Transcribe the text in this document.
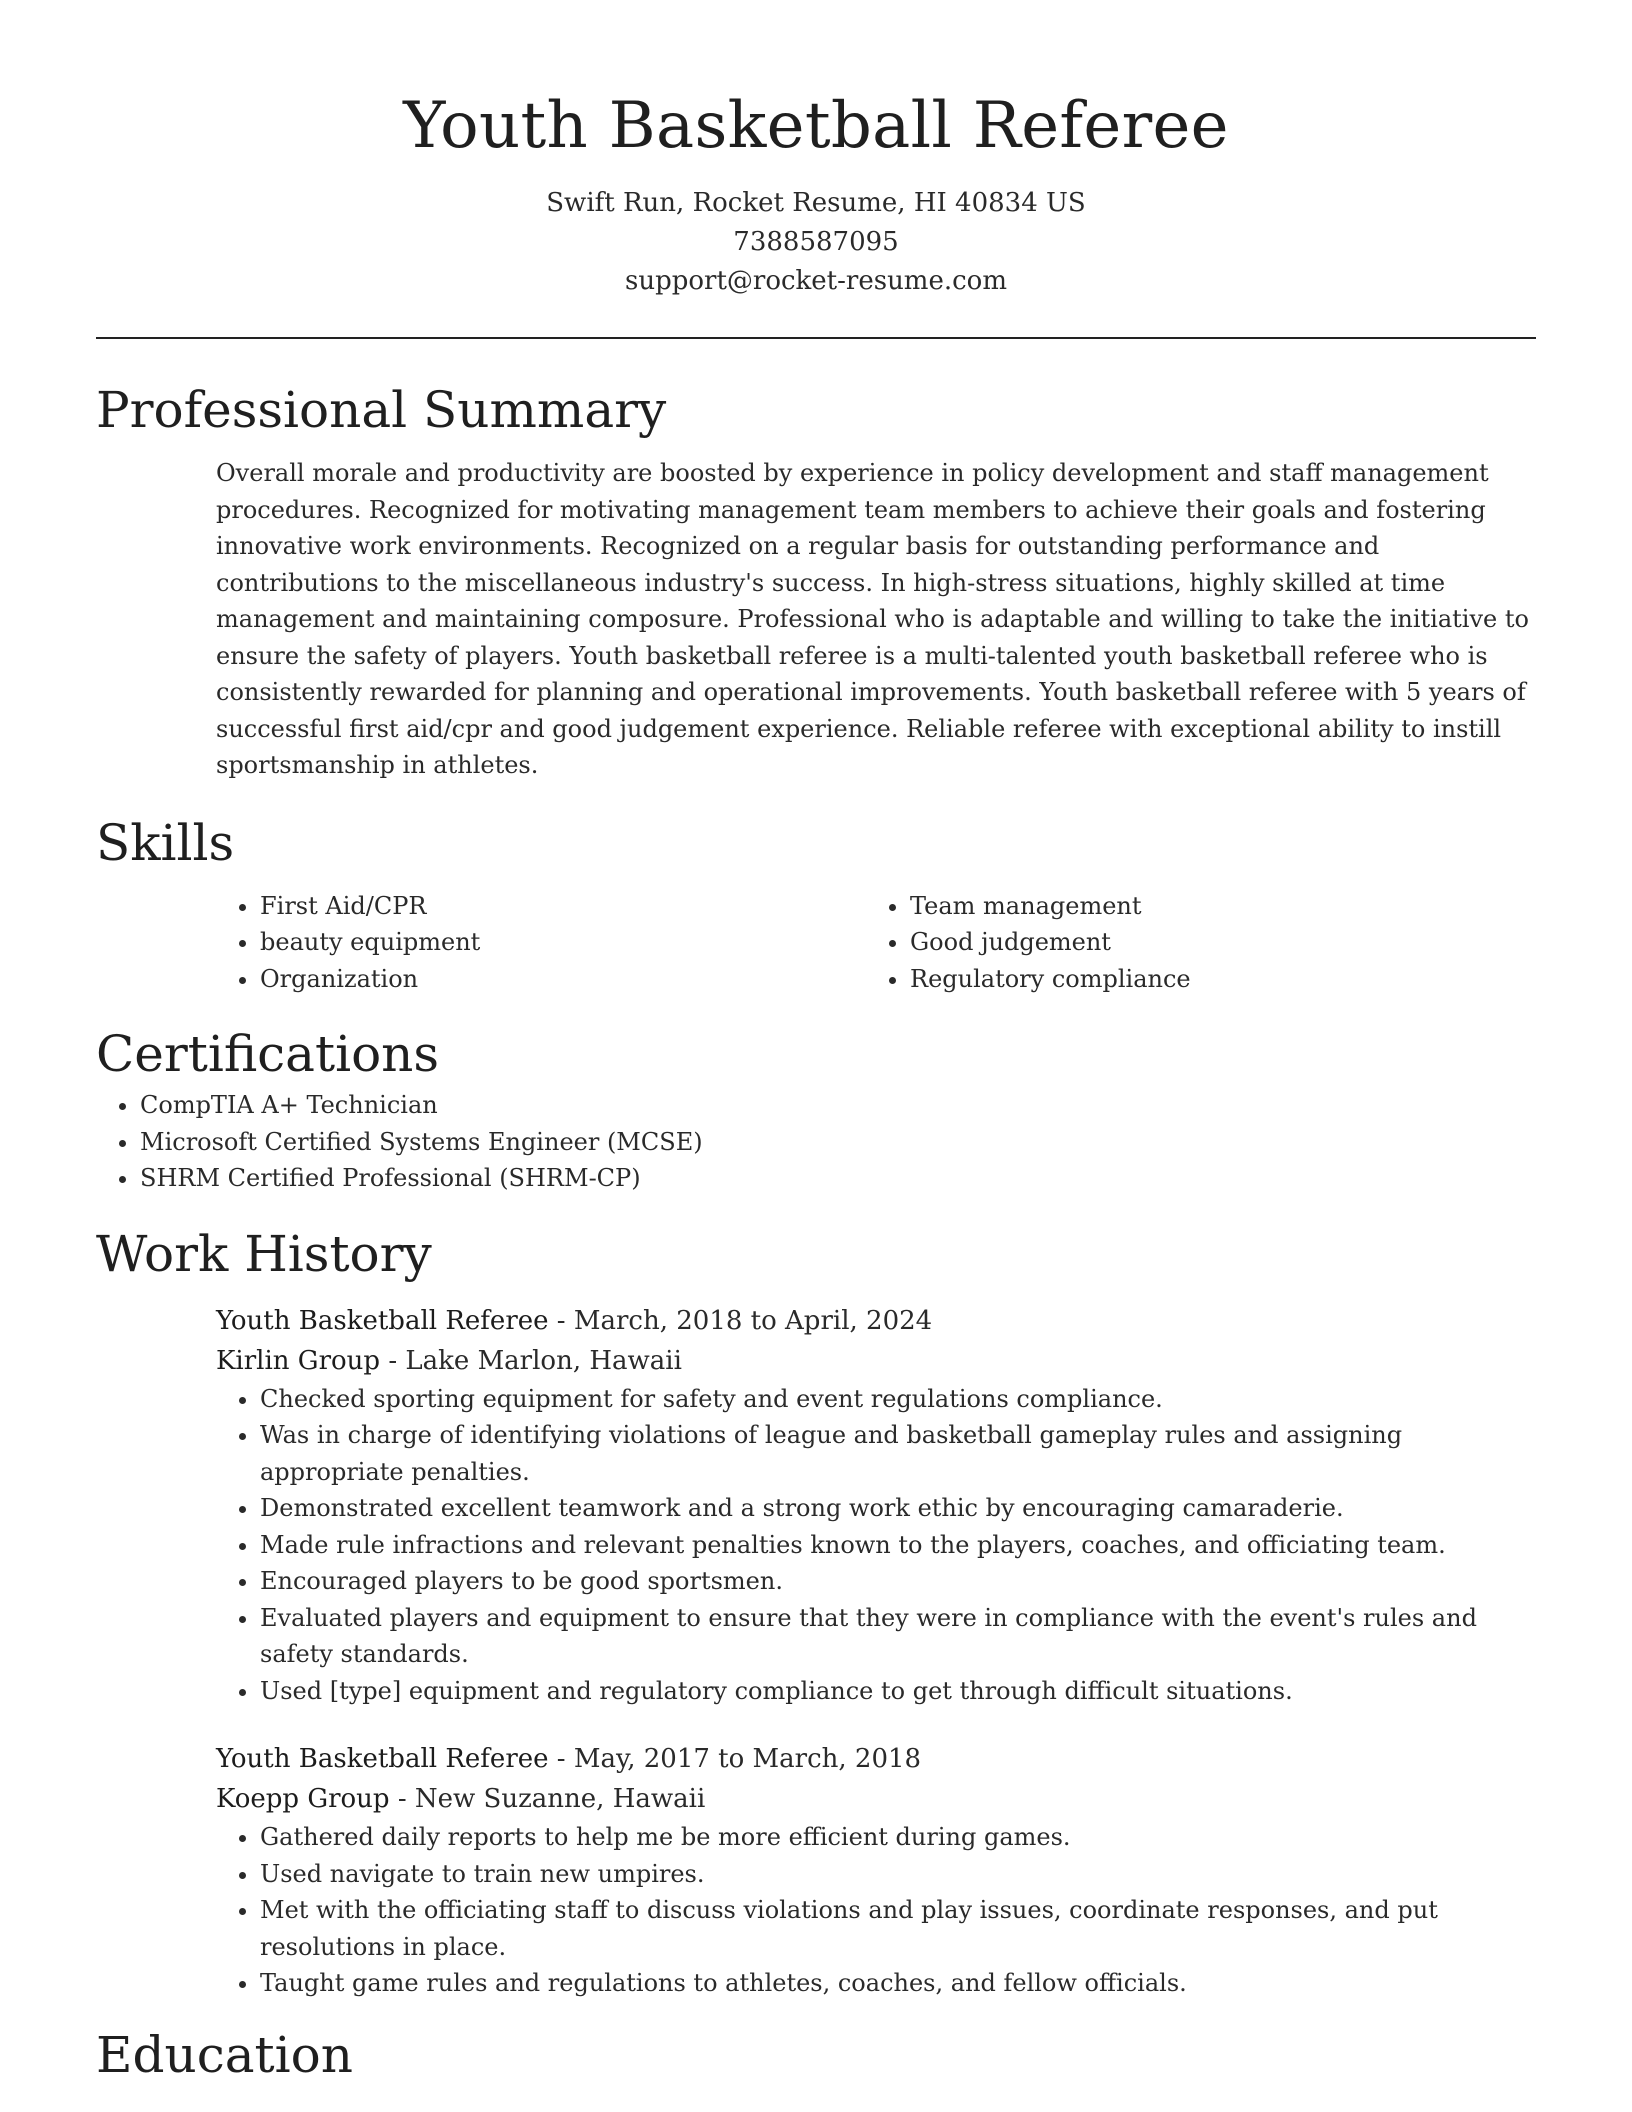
Youth Basketball Referee
Swift Run, Rocket Resume, HI 40834 US
7388587095
support@rocket-resume.com
Professional Summary

Overall morale and productivity are boosted by experience in policy development and staff management procedures. Recognized for motivating management team members to achieve their goals and fostering innovative work environments. Recognized on a regular basis for outstanding performance and contributions to the miscellaneous industry's success. In high-stress situations, highly skilled at time management and maintaining composure. Professional who is adaptable and willing to take the initiative to ensure the safety of players. Youth basketball referee is a multi-talented youth basketball referee who is consistently rewarded for planning and operational improvements. Youth basketball referee with 5 years of successful first aid/cpr and good judgement experience. Reliable referee with exceptional ability to instill sportsmanship in athletes.

Skills
• First Aid/CPR
• beauty equipment
• Organization
• Team management
• Good judgement
• Regulatory compliance
Certifications
• CompTIA A+ Technician
• Microsoft Certified Systems Engineer (MCSE)
• SHRM Certified Professional (SHRM-CP)
Work History
Youth Basketball Referee - March, 2018 to April, 2024
Kirlin Group - Lake Marlon, Hawaii
• Checked sporting equipment for safety and event regulations compliance.
• Was in charge of identifying violations of league and basketball gameplay rules and assigning appropriate penalties.
• Demonstrated excellent teamwork and a strong work ethic by encouraging camaraderie.
• Made rule infractions and relevant penalties known to the players, coaches, and officiating team.
• Encouraged players to be good sportsmen.
• Evaluated players and equipment to ensure that they were in compliance with the event's rules and safety standards.
• Used [type] equipment and regulatory compliance to get through difficult situations.
Youth Basketball Referee - May, 2017 to March, 2018
Koepp Group - New Suzanne, Hawaii
• Gathered daily reports to help me be more efficient during games.
• Used navigate to train new umpires.
• Met with the officiating staff to discuss violations and play issues, coordinate responses, and put resolutions in place.
• Taught game rules and regulations to athletes, coaches, and fellow officials.
Education
